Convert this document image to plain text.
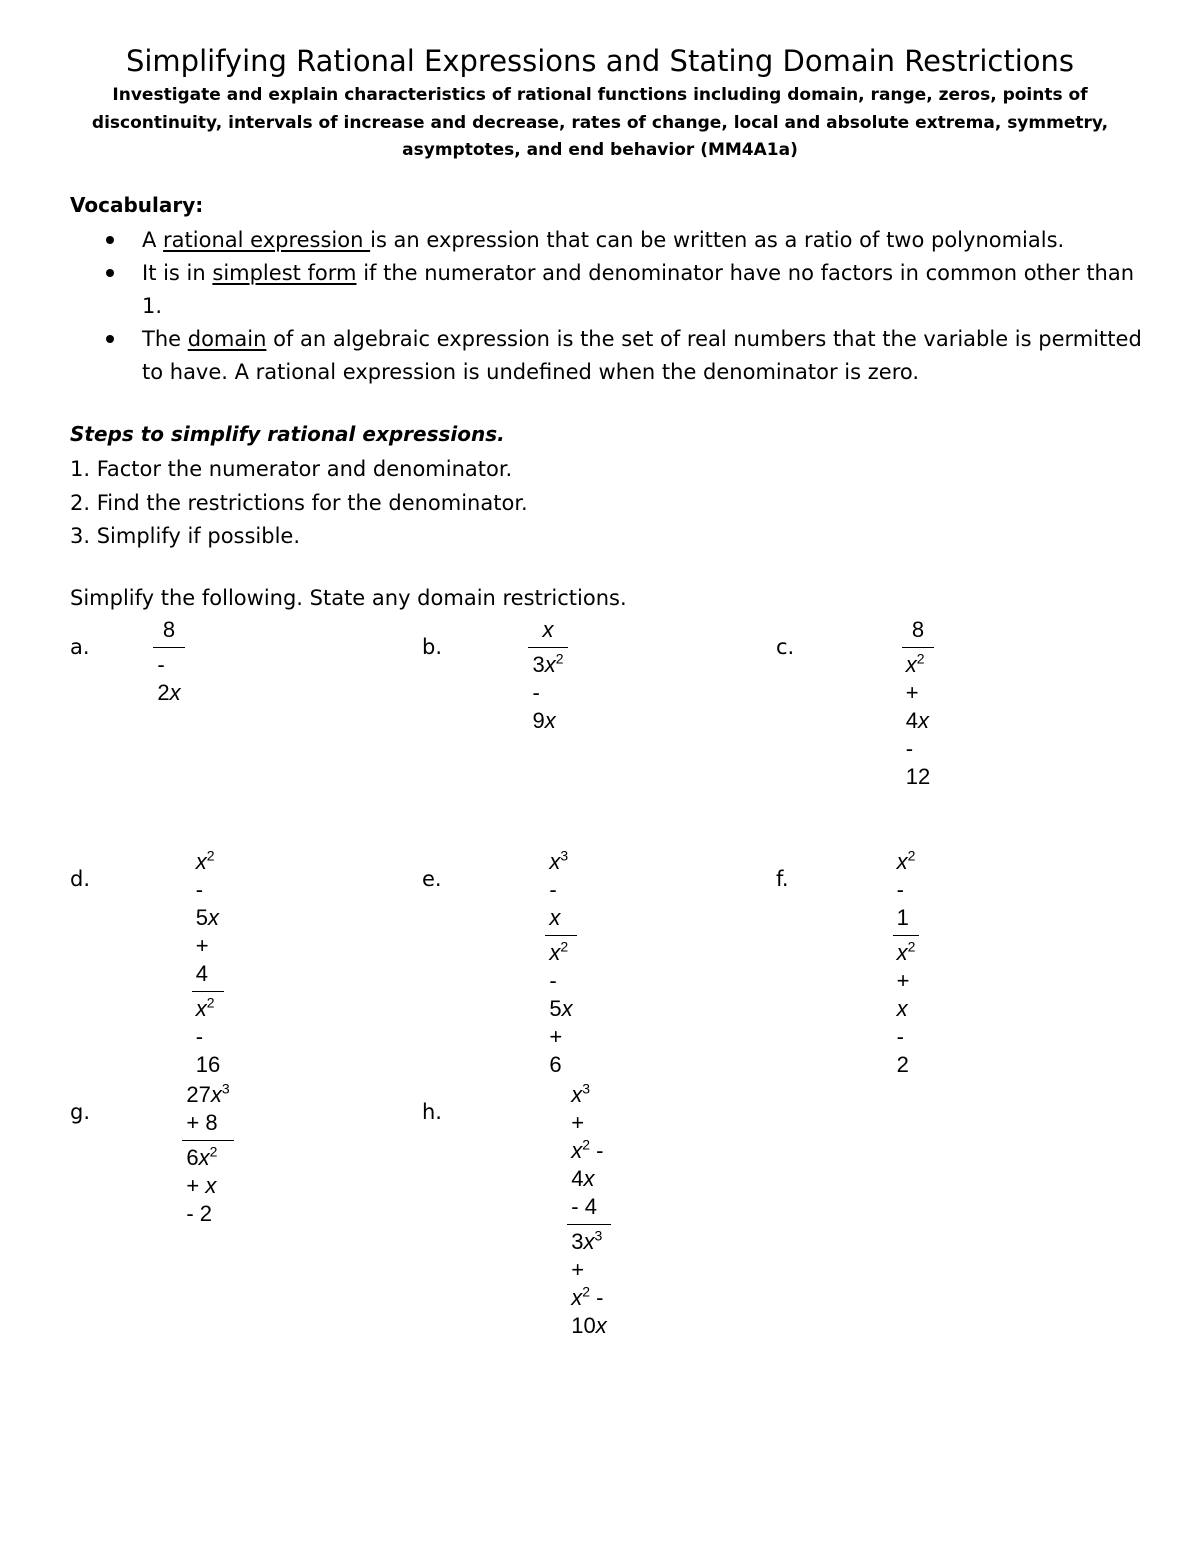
Simplifying Rational Expressions and Stating Domain Restrictions
Investigate and explain characteristics of rational functions including domain, range, zeros, points of discontinuity, intervals of increase and decrease, rates of change, local and absolute extrema, symmetry, asymptotes, and end behavior (MM4A1a)
Vocabulary:
A rational expression is an expression that can be written as a ratio of two polynomials.
It is in simplest form if the numerator and denominator have no factors in common other than 1.
The domain of an algebraic expression is the set of real numbers that the variable is permitted to have. A rational expression is undefined when the denominator is zero.
Steps to simplify rational expressions.
1. Factor the numerator and denominator.
2. Find the restrictions for the denominator.
3. Simplify if possible.
Simplify the following. State any domain restrictions.
a.	$\frac{8}{- 2x}$	b.	$\frac{x}{3x^2 - 9x}$	c.	$\frac{8}{x^2 + 4x - 12}$
d.	$\frac{x^2 - 5x + 4}{x^2 - 16}$	e.	$\frac{x^3 - x}{x^2 - 5x + 6}$	f.	$\frac{x^2 - 1}{x^2 + x - 2}$
g.	$\frac{27x^3 + 8}{6x^2 + x - 2}$	h.	$\frac{x^3 + x^2 - 4x - 4}{3x^3 + x^2 - 10x}$
